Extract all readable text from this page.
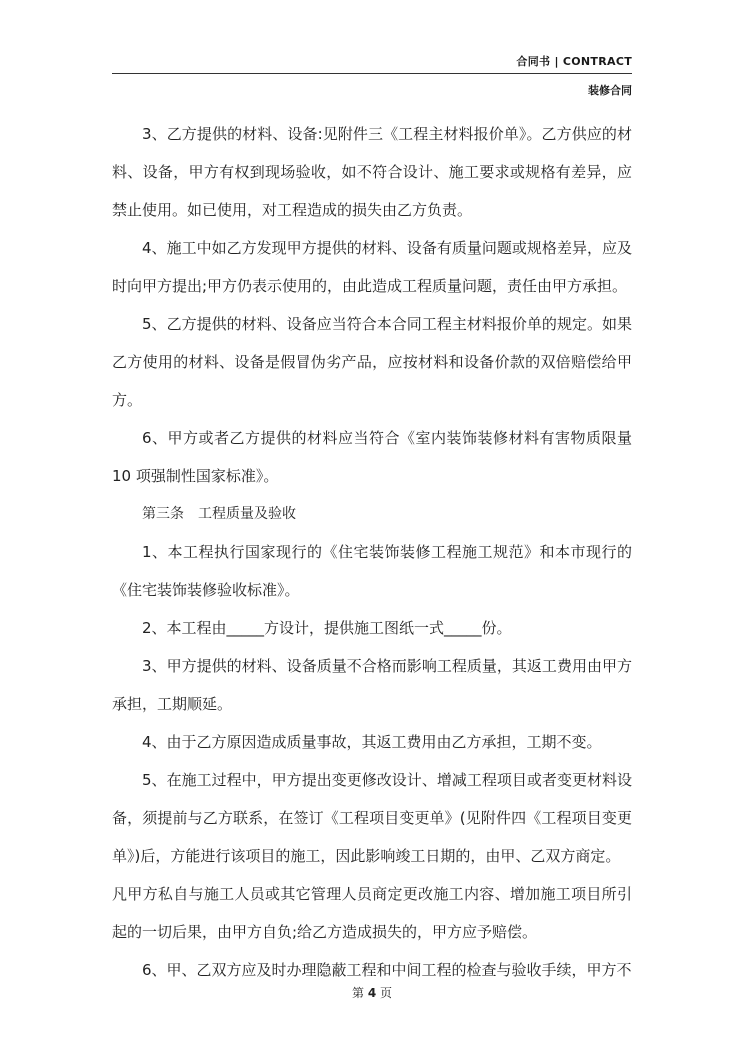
合同书 | CONTRACT
装修合同

3、乙方提供的材料、设备:见附件三《工程主材料报价单》。乙方供应的材料、设备，甲方有权到现场验收，如不符合设计、施工要求或规格有差异，应禁止使用。如已使用，对工程造成的损失由乙方负责。

4、施工中如乙方发现甲方提供的材料、设备有质量问题或规格差异，应及时向甲方提出;甲方仍表示使用的，由此造成工程质量问题，责任由甲方承担。

5、乙方提供的材料、设备应当符合本合同工程主材料报价单的规定。如果乙方使用的材料、设备是假冒伪劣产品，应按材料和设备价款的双倍赔偿给甲方。

6、甲方或者乙方提供的材料应当符合《室内装饰装修材料有害物质限量 10 项强制性国家标准》。

第三条　工程质量及验收

1、本工程执行国家现行的《住宅装饰装修工程施工规范》和本市现行的《住宅装饰装修验收标准》。

2、本工程由_____方设计，提供施工图纸一式_____份。

3、甲方提供的材料、设备质量不合格而影响工程质量，其返工费用由甲方承担，工期顺延。

4、由于乙方原因造成质量事故，其返工费用由乙方承担，工期不变。

5、在施工过程中，甲方提出变更修改设计、增减工程项目或者变更材料设备，须提前与乙方联系，在签订《工程项目变更单》(见附件四《工程项目变更单》)后，方能进行该项目的施工，因此影响竣工日期的，由甲、乙双方商定。

凡甲方私自与施工人员或其它管理人员商定更改施工内容、增加施工项目所引起的一切后果，由甲方自负;给乙方造成损失的，甲方应予赔偿。

6、甲、乙双方应及时办理隐蔽工程和中间工程的检查与验收手续，甲方不

第 4 页
